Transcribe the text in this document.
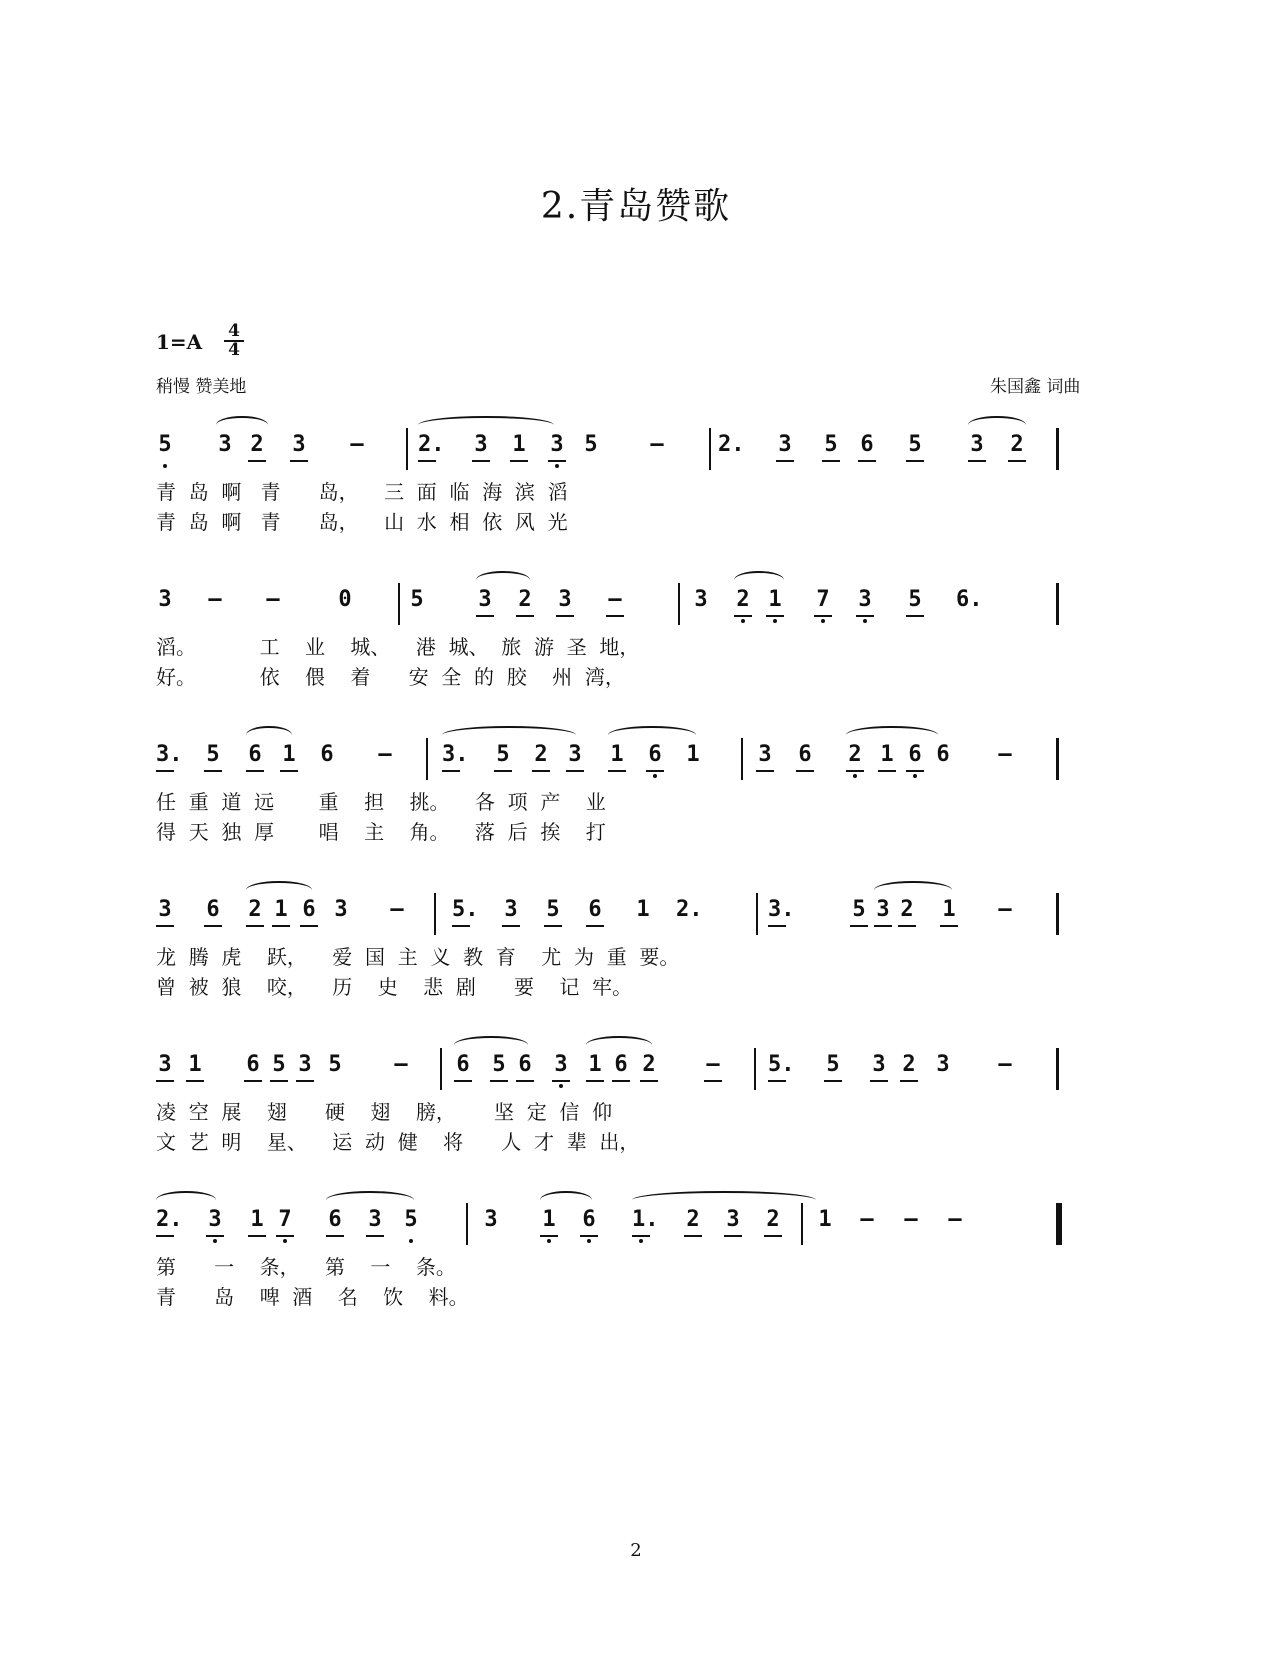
2.青岛赞歌
1=A 4
4
稍慢 赞美地	朱国鑫 词曲
5 3 2 3 – 2. 3 1 3 5 – 2. 3 5 6 5 3 2
青  岛  啊   青      岛，    三  面  临  海  滨  滔
青  岛  啊   青      岛，    山  水  相  依  风  光
3 – –	0	5 3 2 3 –	3 2 1 7 3 5 6.
滔。          工    业    城、    港  城、  旅  游  圣  地，
好。          依    偎    着      安  全  的  胶    州  湾，
3. 5 6 1 6 – 3. 5 2 3 1 6 1	3 6 2 1 6 6 –
任  重  道  远       重    担    挑。    各  项  产    业
得  天  独  厚       唱    主    角。    落  后  挨    打
3 6 2 1 6 3 – 5. 3 5 6 1 2.	3.	5 3 2 1 –
龙  腾  虎    跃，    爱  国  主  义  教  育    尤  为  重  要。
曾  被  狼    咬，    历    史    悲  剧      要    记  牢。
3 1 6 5 3 5 – 6 5 6 3 1 6 2 – 5. 5 3 2 3 –
凌  空  展    翅      硬    翅    膀，      坚  定  信  仰
文  艺  明    星、    运  动  健    将      人  才  辈  出，
2. 3 1 7 6 3 5	3 1 6 1. 2 3 2 1 – – –
第      一    条，    第    一    条。
青      岛    啤  酒    名    饮    料。
2
